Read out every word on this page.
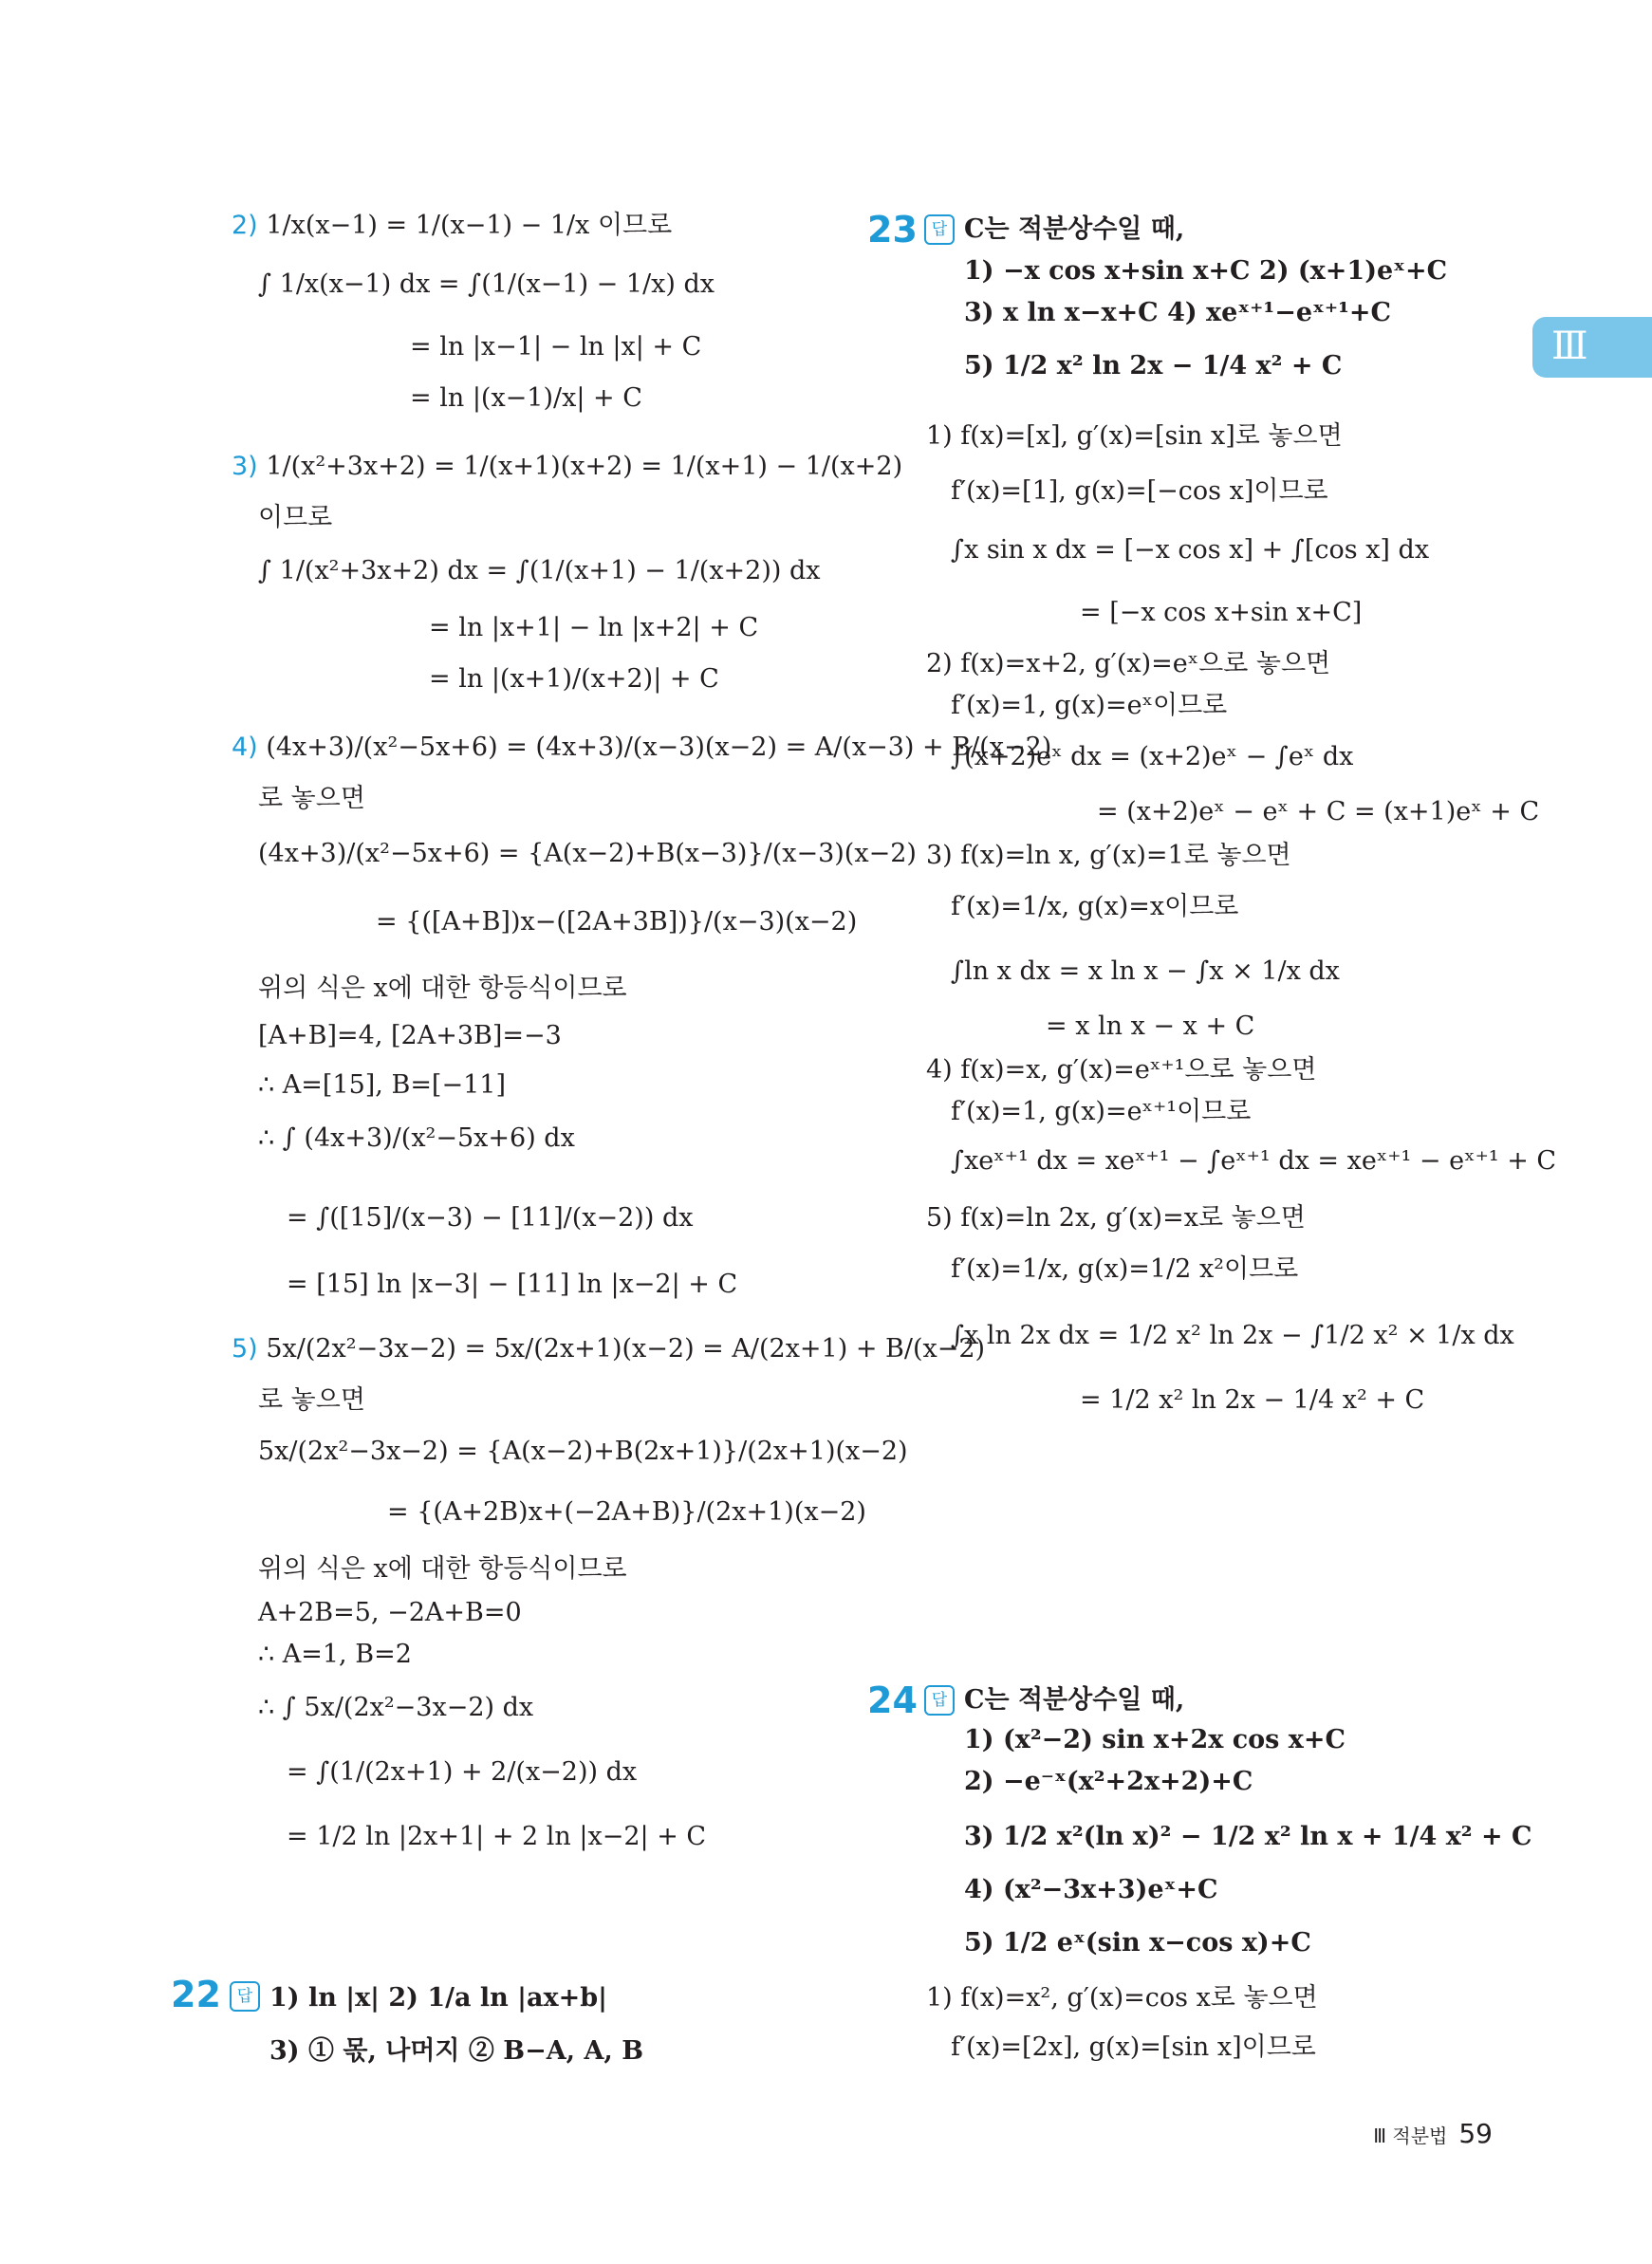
Ⅲ
2) 1/x(x−1) = 1/(x−1) − 1/x 이므로
∫ 1/x(x−1) dx = ∫(1/(x−1) − 1/x) dx
= ln |x−1| − ln |x| + C
= ln |(x−1)/x| + C
3) 1/(x²+3x+2) = 1/(x+1)(x+2) = 1/(x+1) − 1/(x+2)
이므로
∫ 1/(x²+3x+2) dx = ∫(1/(x+1) − 1/(x+2)) dx
= ln |x+1| − ln |x+2| + C
= ln |(x+1)/(x+2)| + C
4) (4x+3)/(x²−5x+6) = (4x+3)/(x−3)(x−2) = A/(x−3) + B/(x−2)
로 놓으면
(4x+3)/(x²−5x+6) = {A(x−2)+B(x−3)}/(x−3)(x−2)
= {([A+B])x−([2A+3B])}/(x−3)(x−2)
위의 식은 x에 대한 항등식이므로
[A+B]=4, [2A+3B]=−3
∴ A=[15], B=[−11]
∴ ∫ (4x+3)/(x²−5x+6) dx
= ∫([15]/(x−3) − [11]/(x−2)) dx
= [15] ln |x−3| − [11] ln |x−2| + C
5) 5x/(2x²−3x−2) = 5x/(2x+1)(x−2) = A/(2x+1) + B/(x−2)
로 놓으면
5x/(2x²−3x−2) = {A(x−2)+B(2x+1)}/(2x+1)(x−2)
= {(A+2B)x+(−2A+B)}/(2x+1)(x−2)
위의 식은 x에 대한 항등식이므로
A+2B=5, −2A+B=0
∴ A=1, B=2
∴ ∫ 5x/(2x²−3x−2) dx
= ∫(1/(2x+1) + 2/(x−2)) dx
= 1/2 ln |2x+1| + 2 ln |x−2| + C
22 답 1) ln |x| 2) 1/a ln |ax+b|
3) ① 몫, 나머지 ② B−A, A, B
23 답 C는 적분상수일 때,
1) −x cos x+sin x+C 2) (x+1)eˣ+C
3) x ln x−x+C 4) xeˣ⁺¹−eˣ⁺¹+C
5) 1/2 x² ln 2x − 1/4 x² + C
1) f(x)=[x], g′(x)=[sin x]로 놓으면
f′(x)=[1], g(x)=[−cos x]이므로
∫x sin x dx = [−x cos x] + ∫[cos x] dx
= [−x cos x+sin x+C]
2) f(x)=x+2, g′(x)=eˣ으로 놓으면
f′(x)=1, g(x)=eˣ이므로
∫(x+2)eˣ dx = (x+2)eˣ − ∫eˣ dx
= (x+2)eˣ − eˣ + C = (x+1)eˣ + C
3) f(x)=ln x, g′(x)=1로 놓으면
f′(x)=1/x, g(x)=x이므로
∫ln x dx = x ln x − ∫x × 1/x dx
= x ln x − x + C
4) f(x)=x, g′(x)=eˣ⁺¹으로 놓으면
f′(x)=1, g(x)=eˣ⁺¹이므로
∫xeˣ⁺¹ dx = xeˣ⁺¹ − ∫eˣ⁺¹ dx = xeˣ⁺¹ − eˣ⁺¹ + C
5) f(x)=ln 2x, g′(x)=x로 놓으면
f′(x)=1/x, g(x)=1/2 x²이므로
∫x ln 2x dx = 1/2 x² ln 2x − ∫1/2 x² × 1/x dx
= 1/2 x² ln 2x − 1/4 x² + C
24 답 C는 적분상수일 때,
1) (x²−2) sin x+2x cos x+C
2) −e⁻ˣ(x²+2x+2)+C
3) 1/2 x²(ln x)² − 1/2 x² ln x + 1/4 x² + C
4) (x²−3x+3)eˣ+C
5) 1/2 eˣ(sin x−cos x)+C
1) f(x)=x², g′(x)=cos x로 놓으면
f′(x)=[2x], g(x)=[sin x]이므로
Ⅲ 적분법 59
